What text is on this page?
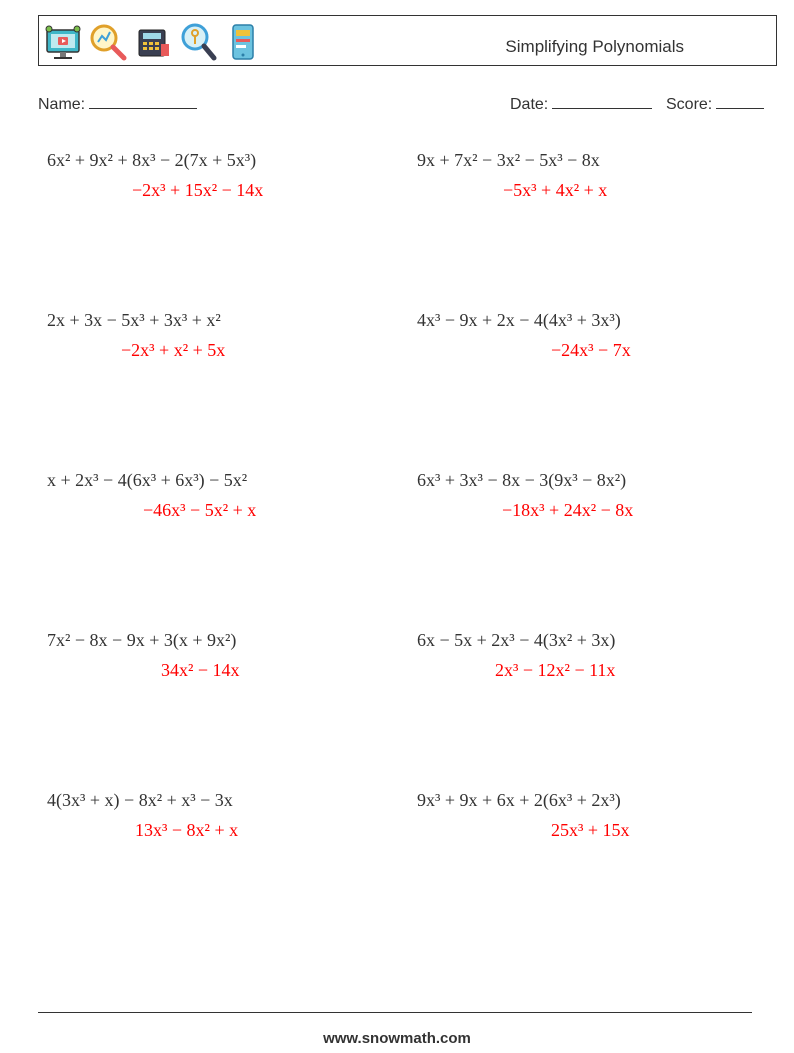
Simplifying Polynomials
Name:	Date:	Score:
6x² + 9x² + 8x³ − 2(7x + 5x³)
−2x³ + 15x² − 14x
9x + 7x² − 3x² − 5x³ − 8x
−5x³ + 4x² + x
2x + 3x − 5x³ + 3x³ + x²
−2x³ + x² + 5x
4x³ − 9x + 2x − 4(4x³ + 3x³)
−24x³ − 7x
x + 2x³ − 4(6x³ + 6x³) − 5x²
−46x³ − 5x² + x
6x³ + 3x³ − 8x − 3(9x³ − 8x²)
−18x³ + 24x² − 8x
7x² − 8x − 9x + 3(x + 9x²)
34x² − 14x
6x − 5x + 2x³ − 4(3x² + 3x)
2x³ − 12x² − 11x
4(3x³ + x) − 8x² + x³ − 3x
13x³ − 8x² + x
9x³ + 9x + 6x + 2(6x³ + 2x³)
25x³ + 15x
www.snowmath.com
